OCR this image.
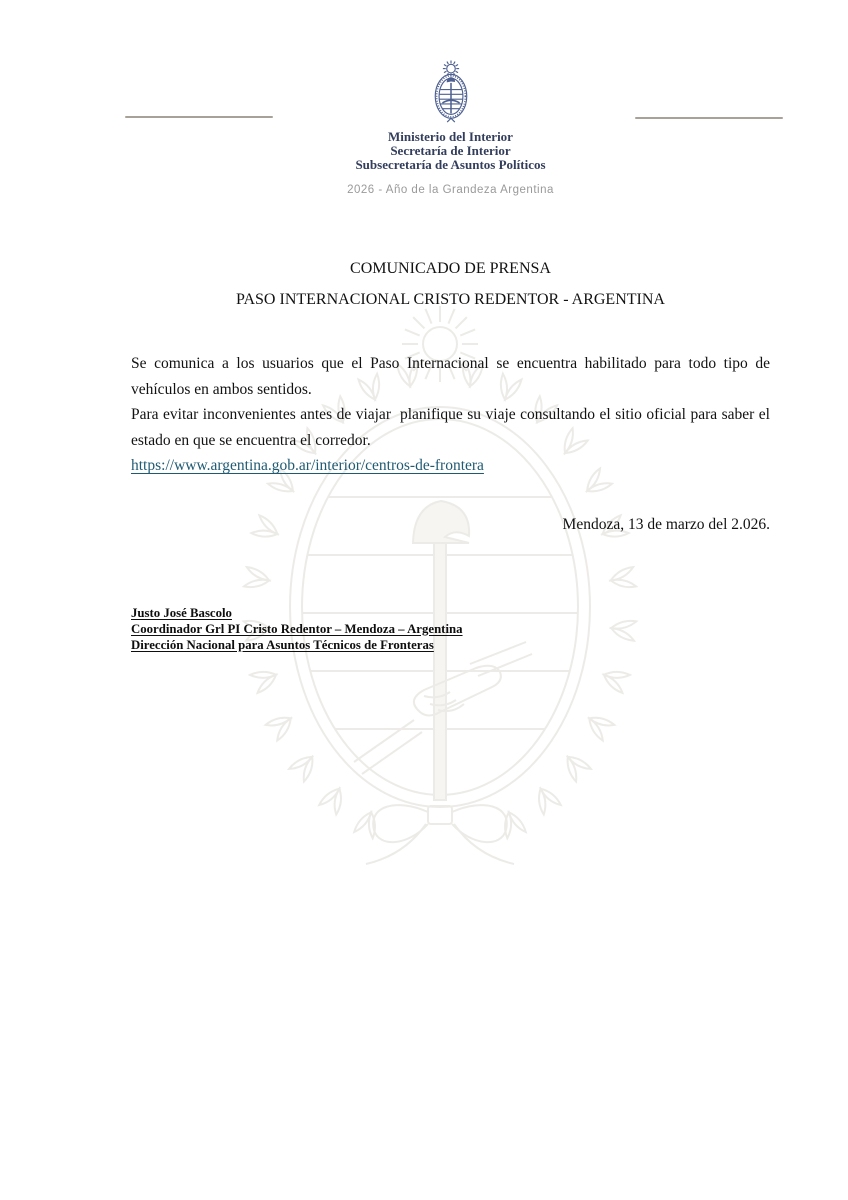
Ministerio del Interior
Secretaría de Interior
Subsecretaría de Asuntos Políticos
2026 - Año de la Grandeza Argentina
COMUNICADO DE PRENSA
PASO INTERNACIONAL CRISTO REDENTOR - ARGENTINA

Se comunica a los usuarios que el Paso Internacional se encuentra habilitado para todo tipo de vehículos en ambos sentidos.

Para evitar inconvenientes antes de viajar  planifique su viaje consultando el sitio oficial para saber el estado en que se encuentra el corredor.

https://www.argentina.gob.ar/interior/centros-de-frontera

Mendoza, 13 de marzo del 2.026.
Justo José Bascolo
Coordinador Grl PI Cristo Redentor – Mendoza – Argentina
Dirección Nacional para Asuntos Técnicos de Fronteras
